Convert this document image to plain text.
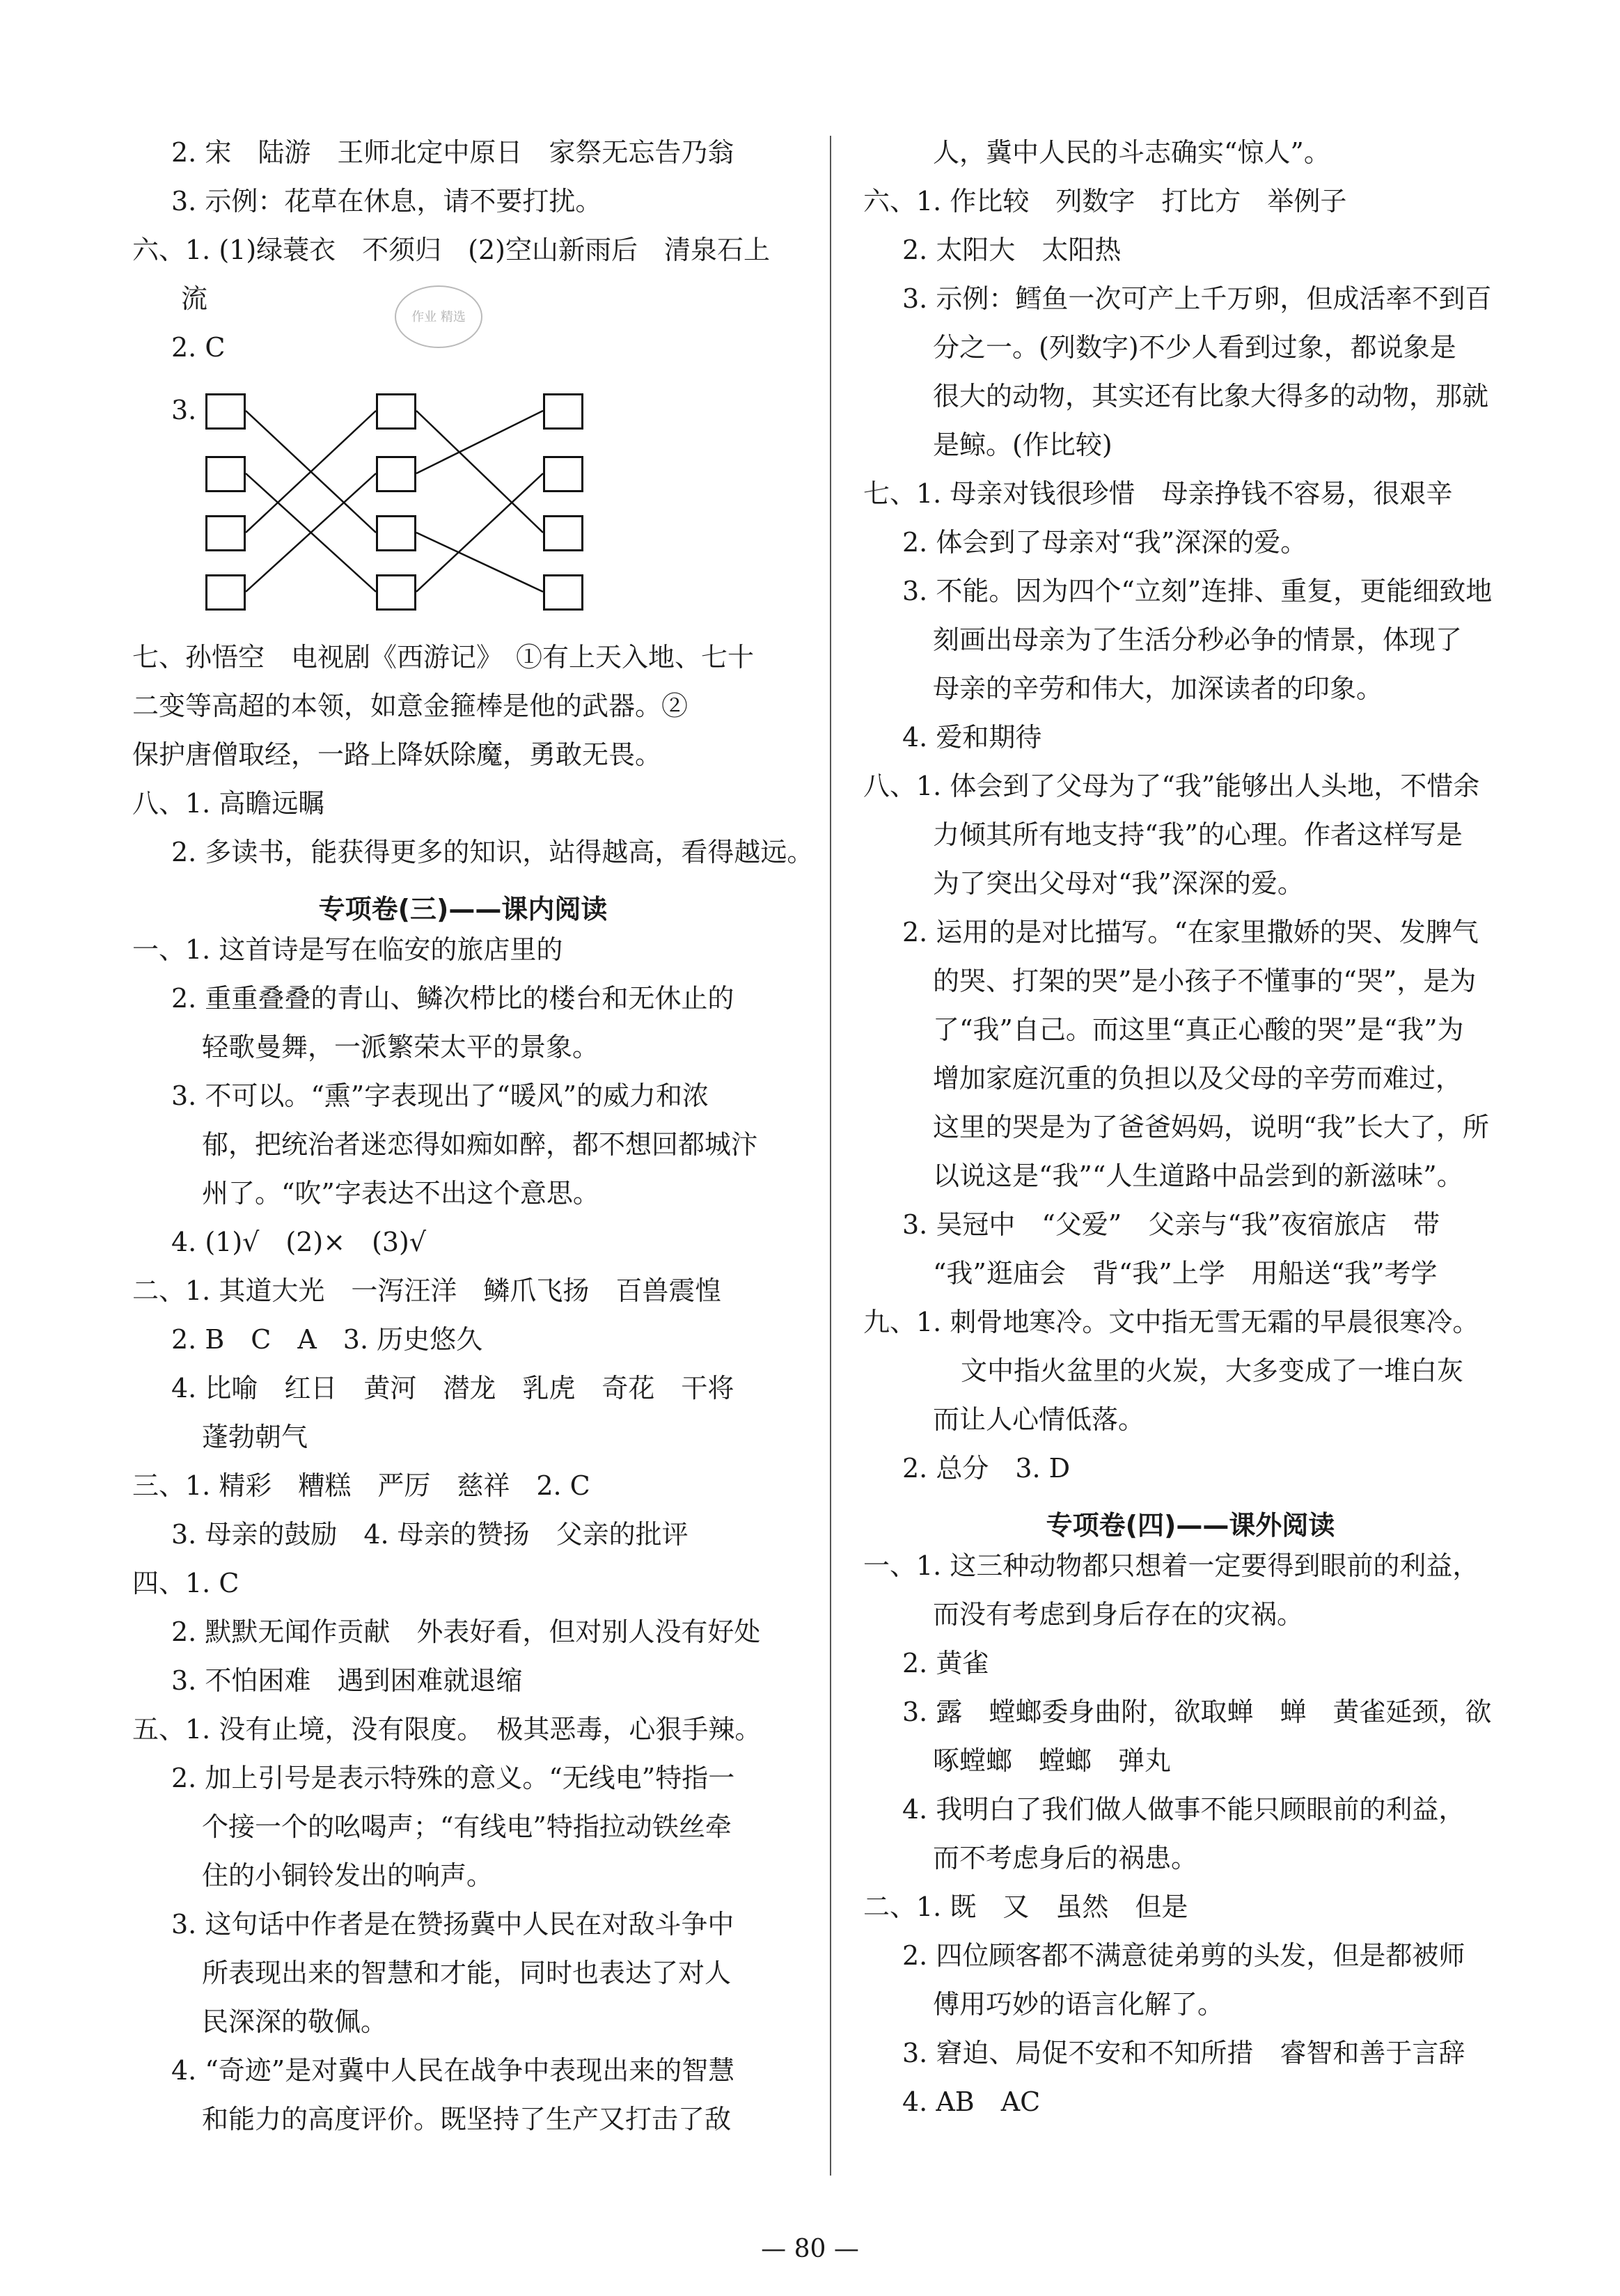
2. 宋　陆游　王师北定中原日　家祭无忘告乃翁
3. 示例：花草在休息，请不要打扰。
六、1. (1)绿蓑衣　不须归　(2)空山新雨后　清泉石上
流
2. C
3.
七、孙悟空　电视剧《西游记》　①有上天入地、七十
二变等高超的本领，如意金箍棒是他的武器。②
保护唐僧取经，一路上降妖除魔，勇敢无畏。
八、1. 高瞻远瞩
2. 多读书，能获得更多的知识，站得越高，看得越远。
专项卷(三)——课内阅读
一、1. 这首诗是写在临安的旅店里的
2. 重重叠叠的青山、鳞次栉比的楼台和无休止的
轻歌曼舞，一派繁荣太平的景象。
3. 不可以。“熏”字表现出了“暖风”的威力和浓
郁，把统治者迷恋得如痴如醉，都不想回都城汴
州了。“吹”字表达不出这个意思。
4. (1)√　(2)×　(3)√
二、1. 其道大光　一泻汪洋　鳞爪飞扬　百兽震惶
2. B　C　A　3. 历史悠久
4. 比喻　红日　黄河　潜龙　乳虎　奇花　干将
蓬勃朝气
三、1. 精彩　糟糕　严厉　慈祥　2. C
3. 母亲的鼓励　4. 母亲的赞扬　父亲的批评
四、1. C
2. 默默无闻作贡献　外表好看，但对别人没有好处
3. 不怕困难　遇到困难就退缩
五、1. 没有止境，没有限度。　极其恶毒，心狠手辣。
2. 加上引号是表示特殊的意义。“无线电”特指一
个接一个的吆喝声；“有线电”特指拉动铁丝牵
住的小铜铃发出的响声。
3. 这句话中作者是在赞扬冀中人民在对敌斗争中
所表现出来的智慧和才能，同时也表达了对人
民深深的敬佩。
4. “奇迹”是对冀中人民在战争中表现出来的智慧
和能力的高度评价。既坚持了生产又打击了敌
作业 精选
人，冀中人民的斗志确实“惊人”。
六、1. 作比较　列数字　打比方　举例子
2. 太阳大　太阳热
3. 示例：鳕鱼一次可产上千万卵，但成活率不到百
分之一。(列数字)不少人看到过象，都说象是
很大的动物，其实还有比象大得多的动物，那就
是鲸。(作比较)
七、1. 母亲对钱很珍惜　母亲挣钱不容易，很艰辛
2. 体会到了母亲对“我”深深的爱。
3. 不能。因为四个“立刻”连排、重复，更能细致地
刻画出母亲为了生活分秒必争的情景，体现了
母亲的辛劳和伟大，加深读者的印象。
4. 爱和期待
八、1. 体会到了父母为了“我”能够出人头地，不惜余
力倾其所有地支持“我”的心理。作者这样写是
为了突出父母对“我”深深的爱。
2. 运用的是对比描写。“在家里撒娇的哭、发脾气
的哭、打架的哭”是小孩子不懂事的“哭”，是为
了“我”自己。而这里“真正心酸的哭”是“我”为
增加家庭沉重的负担以及父母的辛劳而难过，
这里的哭是为了爸爸妈妈，说明“我”长大了，所
以说这是“我”“人生道路中品尝到的新滋味”。
3. 吴冠中　“父爱”　父亲与“我”夜宿旅店　带
“我”逛庙会　背“我”上学　用船送“我”考学
九、1. 刺骨地寒冷。文中指无雪无霜的早晨很寒冷。
文中指火盆里的火炭，大多变成了一堆白灰
而让人心情低落。
2. 总分　3. D
专项卷(四)——课外阅读
一、1. 这三种动物都只想着一定要得到眼前的利益，
而没有考虑到身后存在的灾祸。
2. 黄雀
3. 露　螳螂委身曲附，欲取蝉　蝉　黄雀延颈，欲
啄螳螂　螳螂　弹丸
4. 我明白了我们做人做事不能只顾眼前的利益，
而不考虑身后的祸患。
二、1. 既　又　虽然　但是
2. 四位顾客都不满意徒弟剪的头发，但是都被师
傅用巧妙的语言化解了。
3. 窘迫、局促不安和不知所措　睿智和善于言辞
4. AB　AC
— 80 —
